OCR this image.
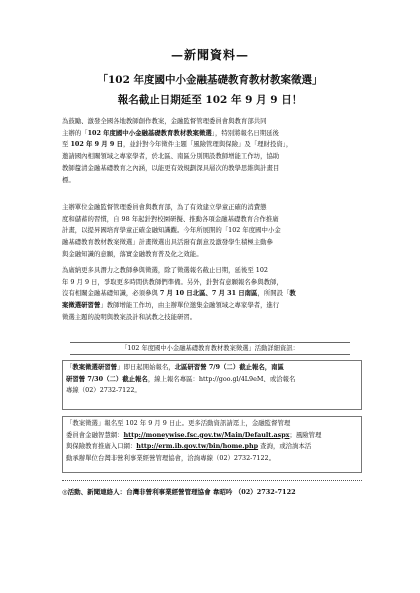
—新聞資料—
「102 年度國中小金融基礎教育教材教案徵選」
報名截止日期延至 102 年 9 月 9 日！
為鼓勵、激發全國各地教師創作教案，金融監督管理委員會與教育部共同
主辦的「102 年度國中小金融基礎教育教材教案徵選」，特別將報名日期延後
至 102 年 9 月 9 日，並針對今年徵件主題「風險管理與保險」及「理財投資」，
邀請國內相關領域之專家學者，於北區、南區分別開設教師增能工作坊，協助
教師釐清金融基礎教育之內涵，以能更有效規劃深具層次的教學思維與計畫目
標。
主辦單位金融監督管理委員會與教育部，為了有效建立學童正確的消費態
度和儲蓄的習慣，自 98 年起針對校園研擬、推動各項金融基礎教育合作推廣
計畫，以提昇國培育學童正確金融知識觀。今年所展開的「102 年度國中小金
融基礎教育教材教案徵選」計畫徵選出具活潑有創意及激發學生積極主動參
與金融知識的意願，落實金融教育普及化之效能。
為廣納更多具潛力之教師參與徵選，除了徵選報名截止日期，延後至 102
年 9 月 9 日，爭取更多時間供教師們準備。另外，針對有意願報名參與教師，
沒有相關金融基礎知識，必須參與 7 月 10 日北區、7 月 31 日南區，所開設「教
案徵選研習營」教師增能工作坊，由主辦單位邀集金融領域之專家學者，進行
徵選主題的說明與教案設計和試教之技能研習。
「102 年度國中小金融基礎教育教材教案徵選」活動詳細資訊：
「教案徵選研習營」即日起開始報名，北區研習營 7/9（二）截止報名，南區
研習營 7/30（二）截止報名，線上報名專區：http://goo.gl/4L9eM、或洽報名
專線（02）2732-7122。
「教案徵選」報名至 102 年 9 月 9 日止。更多活動資訊請逕上，金融監督管理
委員會金融智慧網：http://moneywise.fsc.gov.tw/Main/Default.aspx；風險管理
與保險教育推廣入口網：http://erm.ib.gov.tw/bin/home.php 查詢，或洽詢本活
動承辦單位台灣非營利事業經營管理協會，洽詢專線（02）2732-7122。
◎活動、新聞連絡人：台灣非營利事業經營管理協會 韋昭吟 （02）2732-7122
